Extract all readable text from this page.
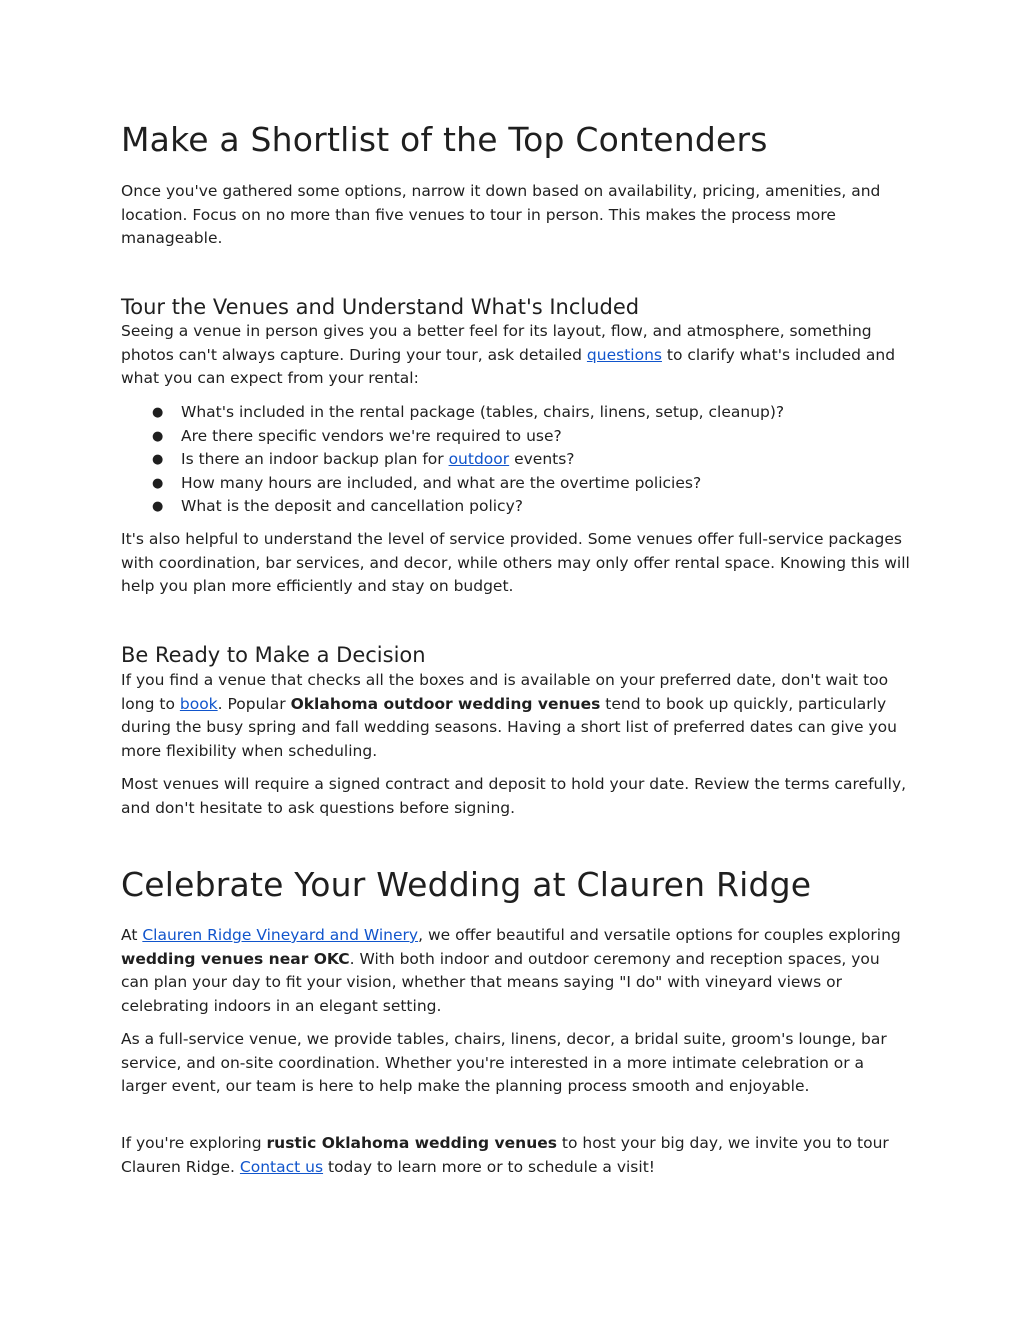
Make a Shortlist of the Top Contenders

Once you've gathered some options, narrow it down based on availability, pricing, amenities, and location. Focus on no more than five venues to tour in person. This makes the process more manageable.

Tour the Venues and Understand What's Included

Seeing a venue in person gives you a better feel for its layout, flow, and atmosphere, something photos can't always capture. During your tour, ask detailed questions to clarify what's included and what you can expect from your rental:

● What's included in the rental package (tables, chairs, linens, setup, cleanup)?
● Are there specific vendors we're required to use?
● Is there an indoor backup plan for outdoor events?
● How many hours are included, and what are the overtime policies?
● What is the deposit and cancellation policy?

It's also helpful to understand the level of service provided. Some venues offer full-service packages with coordination, bar services, and decor, while others may only offer rental space. Knowing this will help you plan more efficiently and stay on budget.

Be Ready to Make a Decision

If you find a venue that checks all the boxes and is available on your preferred date, don't wait too long to book. Popular Oklahoma outdoor wedding venues tend to book up quickly, particularly during the busy spring and fall wedding seasons. Having a short list of preferred dates can give you more flexibility when scheduling.

Most venues will require a signed contract and deposit to hold your date. Review the terms carefully, and don't hesitate to ask questions before signing.

Celebrate Your Wedding at Clauren Ridge

At Clauren Ridge Vineyard and Winery, we offer beautiful and versatile options for couples exploring wedding venues near OKC. With both indoor and outdoor ceremony and reception spaces, you can plan your day to fit your vision, whether that means saying "I do" with vineyard views or celebrating indoors in an elegant setting.

As a full-service venue, we provide tables, chairs, linens, decor, a bridal suite, groom's lounge, bar service, and on-site coordination. Whether you're interested in a more intimate celebration or a larger event, our team is here to help make the planning process smooth and enjoyable.

If you're exploring rustic Oklahoma wedding venues to host your big day, we invite you to tour Clauren Ridge. Contact us today to learn more or to schedule a visit!
